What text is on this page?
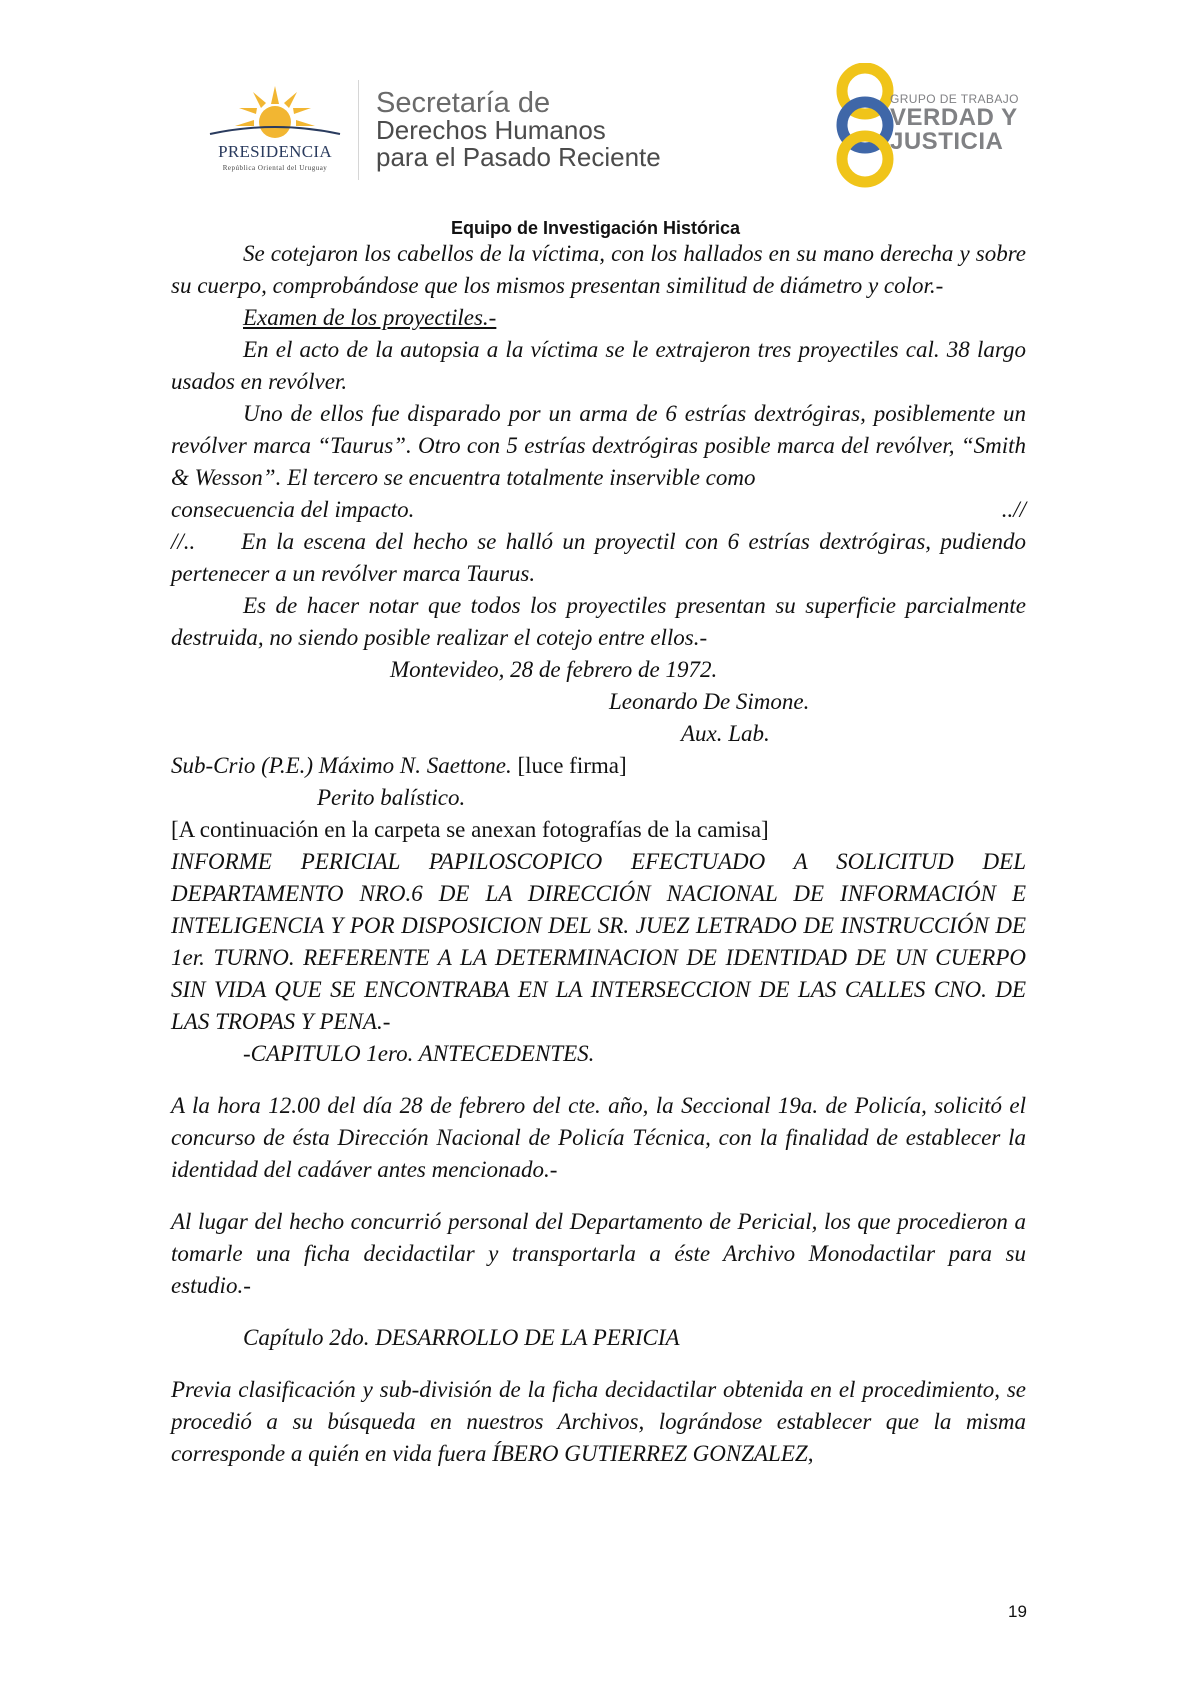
PRESIDENCIA
República Oriental del Uruguay
Secretaría de
Derechos Humanos
para el Pasado Reciente
GRUPO DE TRABAJO
VERDAD Y
JUSTICIA
Equipo de Investigación Histórica

Se cotejaron los cabellos de la víctima, con los hallados en su mano derecha y sobre su cuerpo, comprobándose que los mismos presentan similitud de diámetro y color.-

Examen de los proyectiles.-

En el acto de la autopsia a la víctima se le extrajeron tres proyectiles cal. 38 largo usados en revólver.

Uno de ellos fue disparado por un arma de 6 estrías dextrógiras, posiblemente un revólver marca “Taurus”. Otro con 5 estrías dextrógiras posible marca del revólver, “Smith & Wesson”. El tercero se encuentra totalmente inservible como

consecuencia del impacto.	..//

//.. En la escena del hecho se halló un proyectil con 6 estrías dextrógiras, pudiendo pertenecer a un revólver marca Taurus.

Es de hacer notar que todos los proyectiles presentan su superficie parcialmente destruida, no siendo posible realizar el cotejo entre ellos.-

Montevideo, 28 de febrero de 1972.

Leonardo De Simone.

Aux. Lab.

Sub-Crio (P.E.) Máximo N. Saettone. [luce firma]

Perito balístico.

[A continuación en la carpeta se anexan fotografías de la camisa]

INFORME PERICIAL PAPILOSCOPICO EFECTUADO A SOLICITUD DEL DEPARTAMENTO NRO.6 DE LA DIRECCIÓN NACIONAL DE INFORMACIÓN E INTELIGENCIA Y POR DISPOSICION DEL SR. JUEZ LETRADO DE INSTRUCCIÓN DE 1er. TURNO. REFERENTE A LA DETERMINACION DE IDENTIDAD DE UN CUERPO SIN VIDA QUE SE ENCONTRABA EN LA INTERSECCION DE LAS CALLES CNO. DE LAS TROPAS Y PENA.-

-CAPITULO 1ero. ANTECEDENTES.

A la hora 12.00 del día 28 de febrero del cte. año, la Seccional 19a. de Policía, solicitó el concurso de ésta Dirección Nacional de Policía Técnica, con la finalidad de establecer la identidad del cadáver antes mencionado.-

Al lugar del hecho concurrió personal del Departamento de Pericial, los que procedieron a tomarle una ficha decidactilar y transportarla a éste Archivo Monodactilar para su estudio.-

Capítulo 2do. DESARROLLO DE LA PERICIA

Previa clasificación y sub-división de la ficha decidactilar obtenida en el procedimiento, se procedió a su búsqueda en nuestros Archivos, lográndose establecer que la misma corresponde a quién en vida fuera ÍBERO GUTIERREZ GONZALEZ,

19
